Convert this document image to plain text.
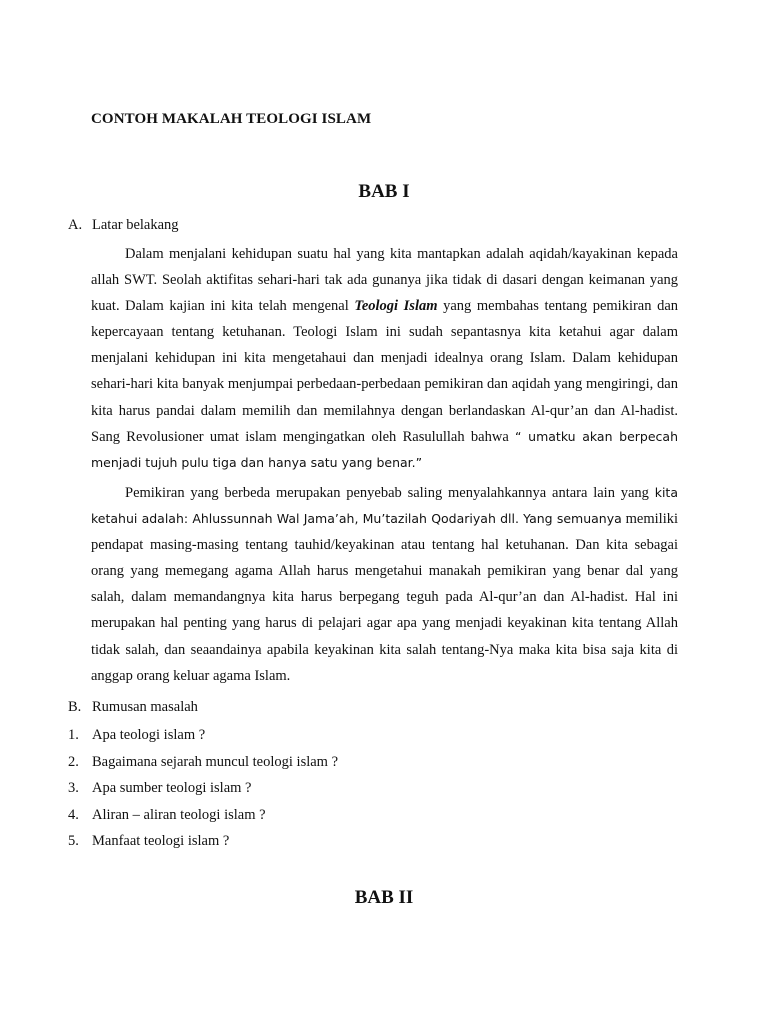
CONTOH MAKALAH TEOLOGI ISLAM
BAB I
A. Latar belakang

Dalam menjalani kehidupan suatu hal yang kita mantapkan adalah aqidah/kayakinan kepada allah SWT. Seolah aktifitas sehari-hari tak ada gunanya jika tidak di dasari dengan keimanan yang kuat. Dalam kajian ini kita telah mengenal Teologi Islam yang membahas tentang pemikiran dan kepercayaan tentang ketuhanan. Teologi Islam ini sudah sepantasnya kita ketahui agar dalam menjalani kehidupan ini kita mengetahaui dan menjadi idealnya orang Islam. Dalam kehidupan sehari-hari kita banyak menjumpai perbedaan-perbedaan pemikiran dan aqidah yang mengiringi, dan kita harus pandai dalam memilih dan memilahnya dengan berlandaskan Al-qur’an dan Al-hadist. Sang Revolusioner umat islam mengingatkan oleh Rasulullah bahwa “ umatku akan berpecah menjadi tujuh pulu tiga dan hanya satu yang benar.”

Pemikiran yang berbeda merupakan penyebab saling menyalahkannya antara lain yang kita ketahui adalah: Ahlussunnah Wal Jama’ah, Mu’tazilah Qodariyah dll. Yang semuanya memiliki pendapat masing-masing tentang tauhid/keyakinan atau tentang hal ketuhanan. Dan kita sebagai orang yang memegang agama Allah harus mengetahui manakah pemikiran yang benar dal yang salah, dalam memandangnya kita harus berpegang teguh pada Al-qur’an dan Al-hadist. Hal ini merupakan hal penting yang harus di pelajari agar apa yang menjadi keyakinan kita tentang Allah tidak salah, dan seaandainya apabila keyakinan kita salah tentang-Nya maka kita bisa saja kita di anggap orang keluar agama Islam.

B. Rumusan masalah
1. Apa teologi islam ?
2. Bagaimana sejarah muncul teologi islam ?
3. Apa sumber teologi islam ?
4. Aliran – aliran teologi islam ?
5. Manfaat teologi islam ?
BAB II
